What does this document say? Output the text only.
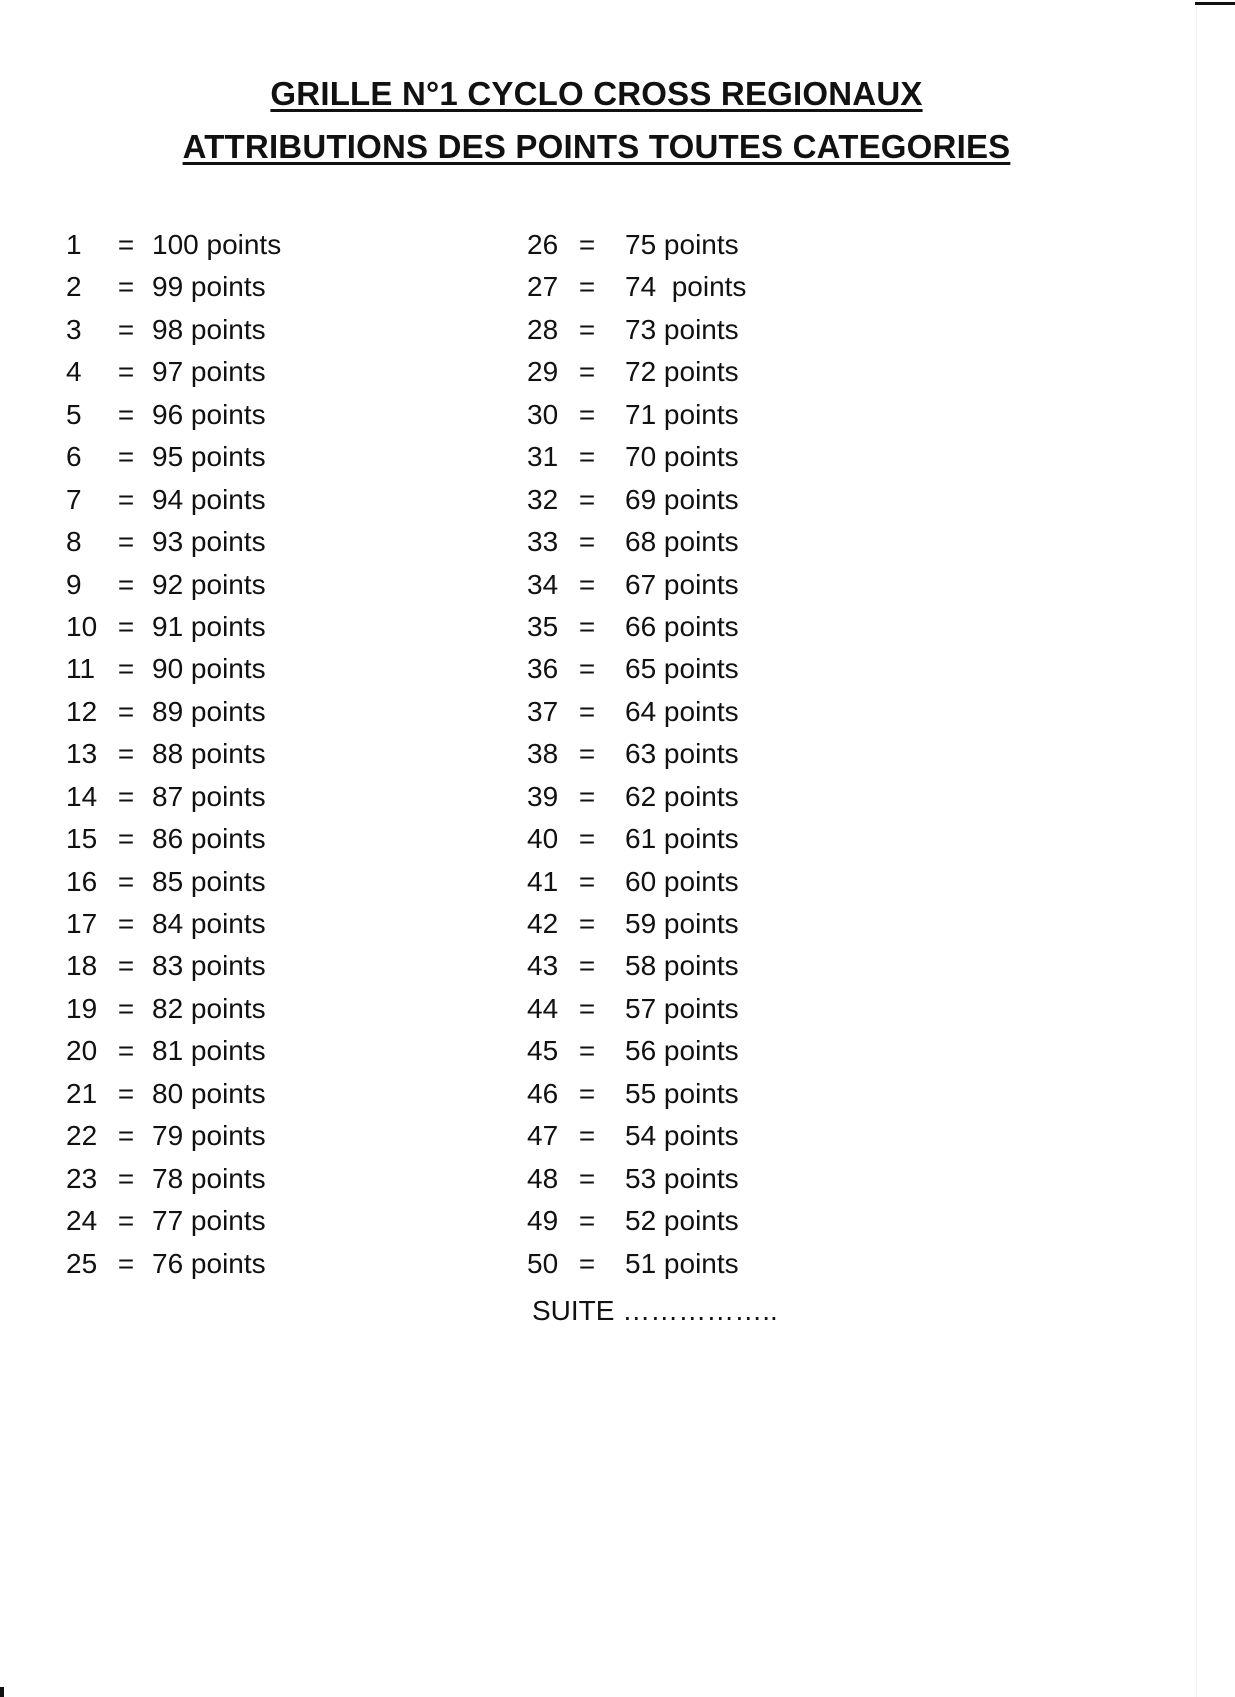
GRILLE N°1 CYCLO CROSS REGIONAUX
ATTRIBUTIONS DES POINTS TOUTES CATEGORIES
1	= 100 points
2	= 99 points
3	= 98 points
4	= 97 points
5	= 96 points
6	= 95 points
7	= 94 points
8	= 93 points
9	= 92 points
10 = 91 points
11 = 90 points
12 = 89 points
13 = 88 points
14 = 87 points
15 = 86 points
16 = 85 points
17 = 84 points
18 = 83 points
19 = 82 points
20 = 81 points
21 = 80 points
22 = 79 points
23 = 78 points
24 = 77 points
25 = 76 points
26 =	75 points
27 =	74  points
28 =	73 points
29 =	72 points
30 =	71 points
31 =	70 points
32 =	69 points
33 =	68 points
34 =	67 points
35 =	66 points
36 =	65 points
37 =	64 points
38 =	63 points
39 =	62 points
40 =	61 points
41 =	60 points
42 =	59 points
43 =	58 points
44 =	57 points
45 =	56 points
46 =	55 points
47 =	54 points
48 =	53 points
49 =	52 points
50 =	51 points
SUITE ……………..
